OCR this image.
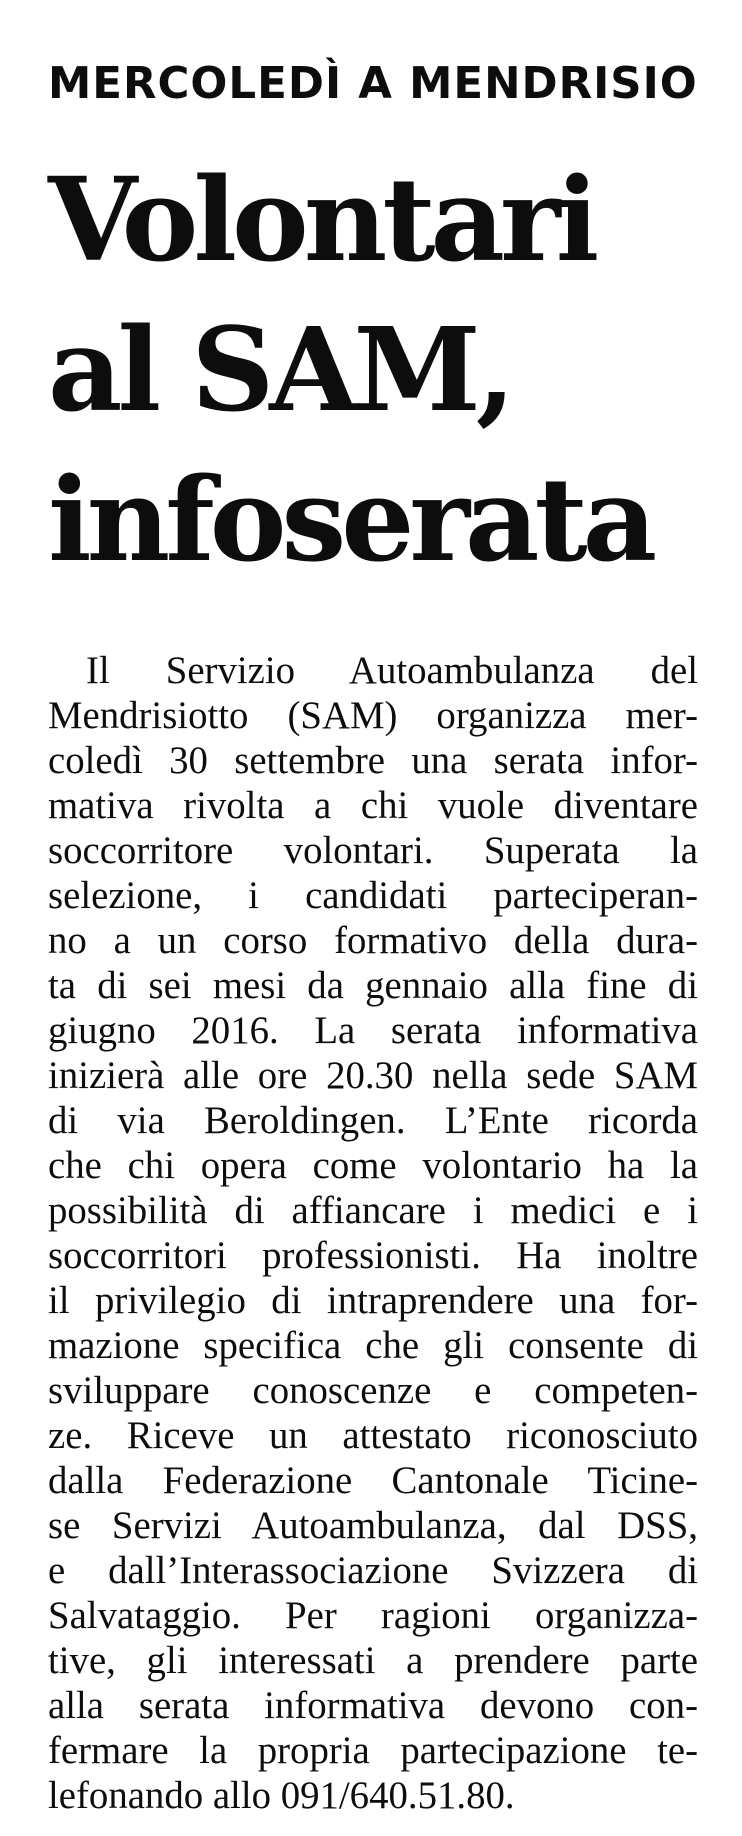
MERCOLEDÌ A MENDRISIO
Volontari
al SAM,
infoserata

Il Servizio Autoambulanza del
Mendrisiotto (SAM) organizza mer-
coledì 30 settembre una serata infor-
mativa rivolta a chi vuole diventare
soccorritore volontari. Superata la
selezione, i candidati parteciperan-
no a un corso formativo della dura-
ta di sei mesi da gennaio alla fine di
giugno 2016. La serata informativa
inizierà alle ore 20.30 nella sede SAM
di via Beroldingen. L’Ente ricorda
che chi opera come volontario ha la
possibilità di affiancare i medici e i
soccorritori professionisti. Ha inoltre
il privilegio di intraprendere una for-
mazione specifica che gli consente di
sviluppare conoscenze e competen-
ze. Riceve un attestato riconosciuto
dalla Federazione Cantonale Ticine-
se Servizi Autoambulanza, dal DSS,
e dall’Interassociazione Svizzera di
Salvataggio. Per ragioni organizza-
tive, gli interessati a prendere parte
alla serata informativa devono con-
fermare la propria partecipazione te-
lefonando allo 091/640.51.80.
